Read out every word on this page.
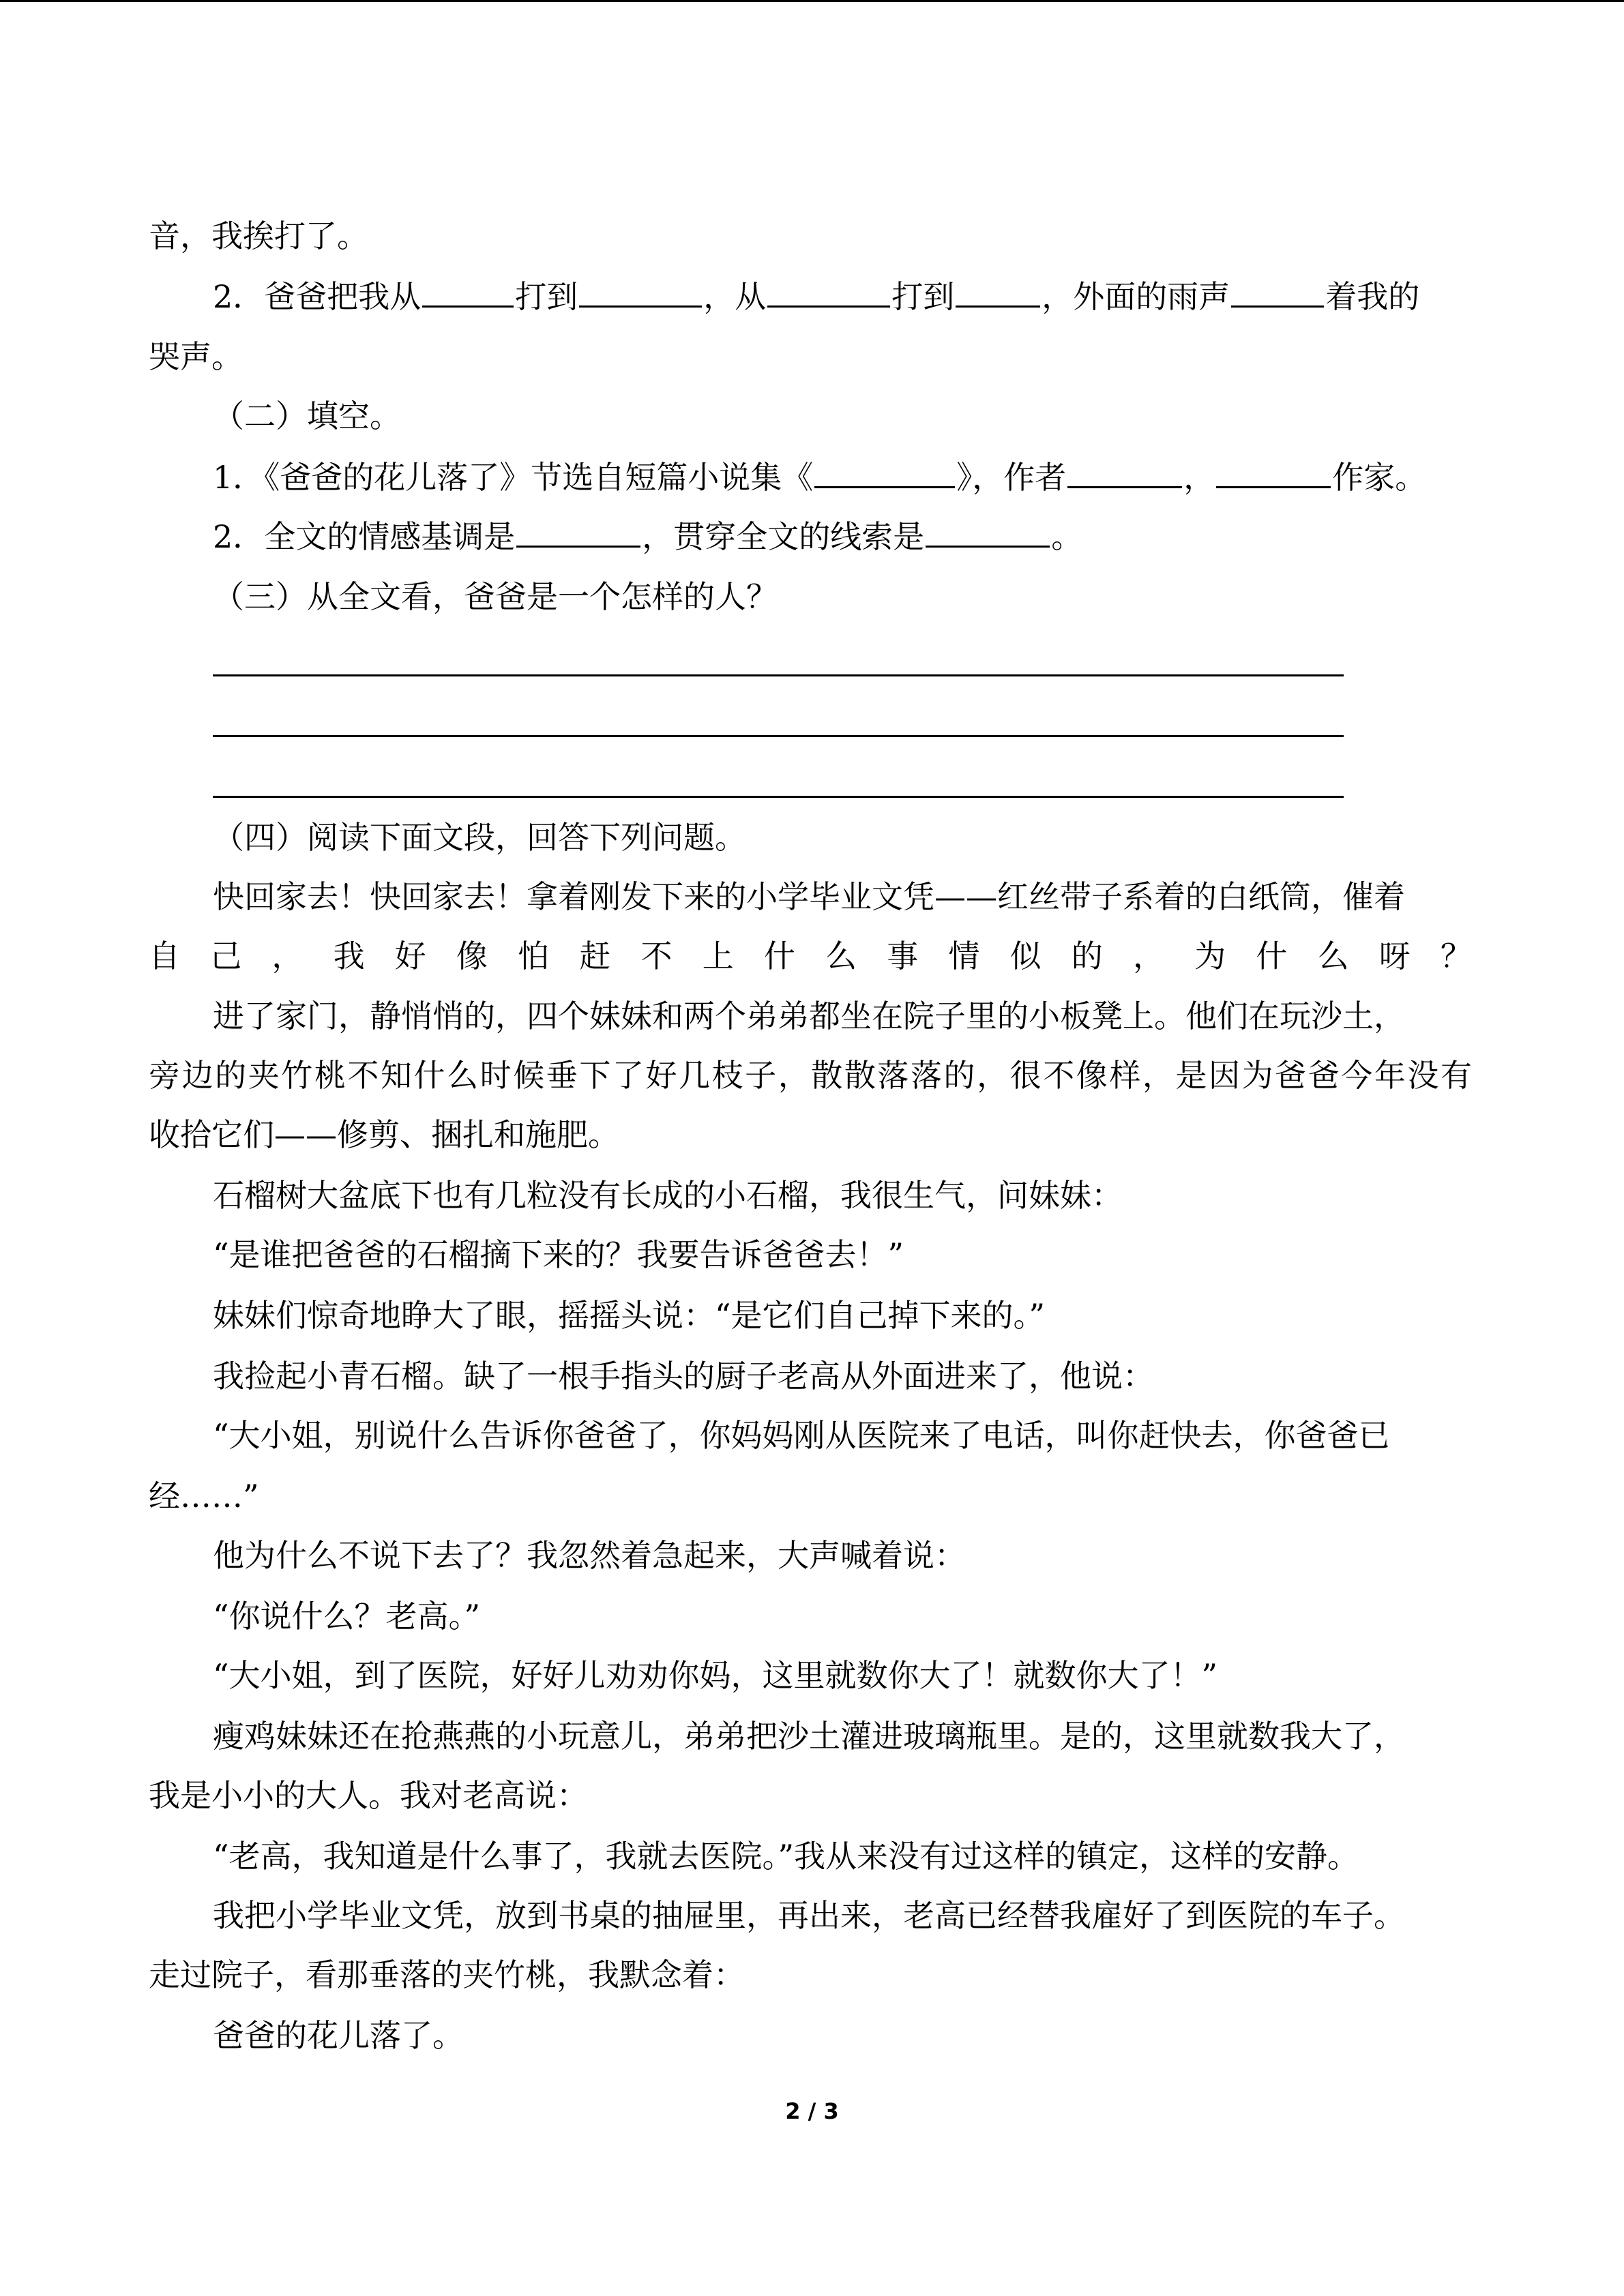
音，我挨打了。
2．爸爸把我从	打到	，从	打到	，外面的雨声	着我的
哭声。
（二）填空。
1．《爸爸的花儿落了》节选自短篇小说集《	》，作者	，	作家。
2．全文的情感基调是	，贯穿全文的线索是	。
（三）从全文看，爸爸是一个怎样的人？
（四）阅读下面文段，回答下列问题。
快回家去！快回家去！拿着刚发下来的小学毕业文凭——红丝带子系着的白纸筒，催着
自己，我好像怕赶不上什么事情似的，为什么呀？
进了家门，静悄悄的，四个妹妹和两个弟弟都坐在院子里的小板凳上。他们在玩沙土，
旁边的夹竹桃不知什么时候垂下了好几枝子，散散落落的，很不像样，是因为爸爸今年没有
收拾它们——修剪、捆扎和施肥。
石榴树大盆底下也有几粒没有长成的小石榴，我很生气，问妹妹：
“是谁把爸爸的石榴摘下来的？我要告诉爸爸去！”
妹妹们惊奇地睁大了眼，摇摇头说：“是它们自己掉下来的。”
我捡起小青石榴。缺了一根手指头的厨子老高从外面进来了，他说：
“大小姐，别说什么告诉你爸爸了，你妈妈刚从医院来了电话，叫你赶快去，你爸爸已
经……”
他为什么不说下去了？我忽然着急起来，大声喊着说：
“你说什么？老高。”
“大小姐，到了医院，好好儿劝劝你妈，这里就数你大了！就数你大了！”
瘦鸡妹妹还在抢燕燕的小玩意儿，弟弟把沙土灌进玻璃瓶里。是的，这里就数我大了，
我是小小的大人。我对老高说：
“老高，我知道是什么事了，我就去医院。”我从来没有过这样的镇定，这样的安静。
我把小学毕业文凭，放到书桌的抽屉里，再出来，老高已经替我雇好了到医院的车子。
走过院子，看那垂落的夹竹桃，我默念着：
爸爸的花儿落了。
2 / 3
